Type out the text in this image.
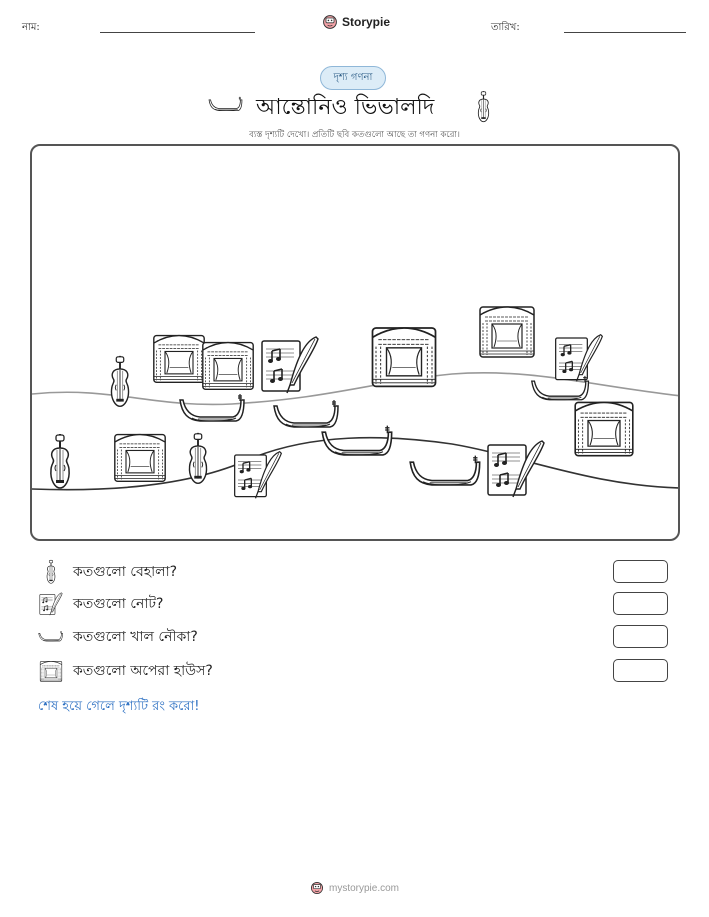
নাম:	Storypie	তারিখ:
দৃশ্য গণনা
আন্তোনিও ভিভালদি
ব্যস্ত দৃশ্যটি দেখো। প্রতিটি ছবি কতগুলো আছে তা গণনা করো।
কতগুলো বেহালা?
কতগুলো নোট?
কতগুলো খাল নৌকা?
কতগুলো অপেরা হাউস?
শেষ হয়ে গেলে দৃশ্যটি রং করো!
mystorypie.com
